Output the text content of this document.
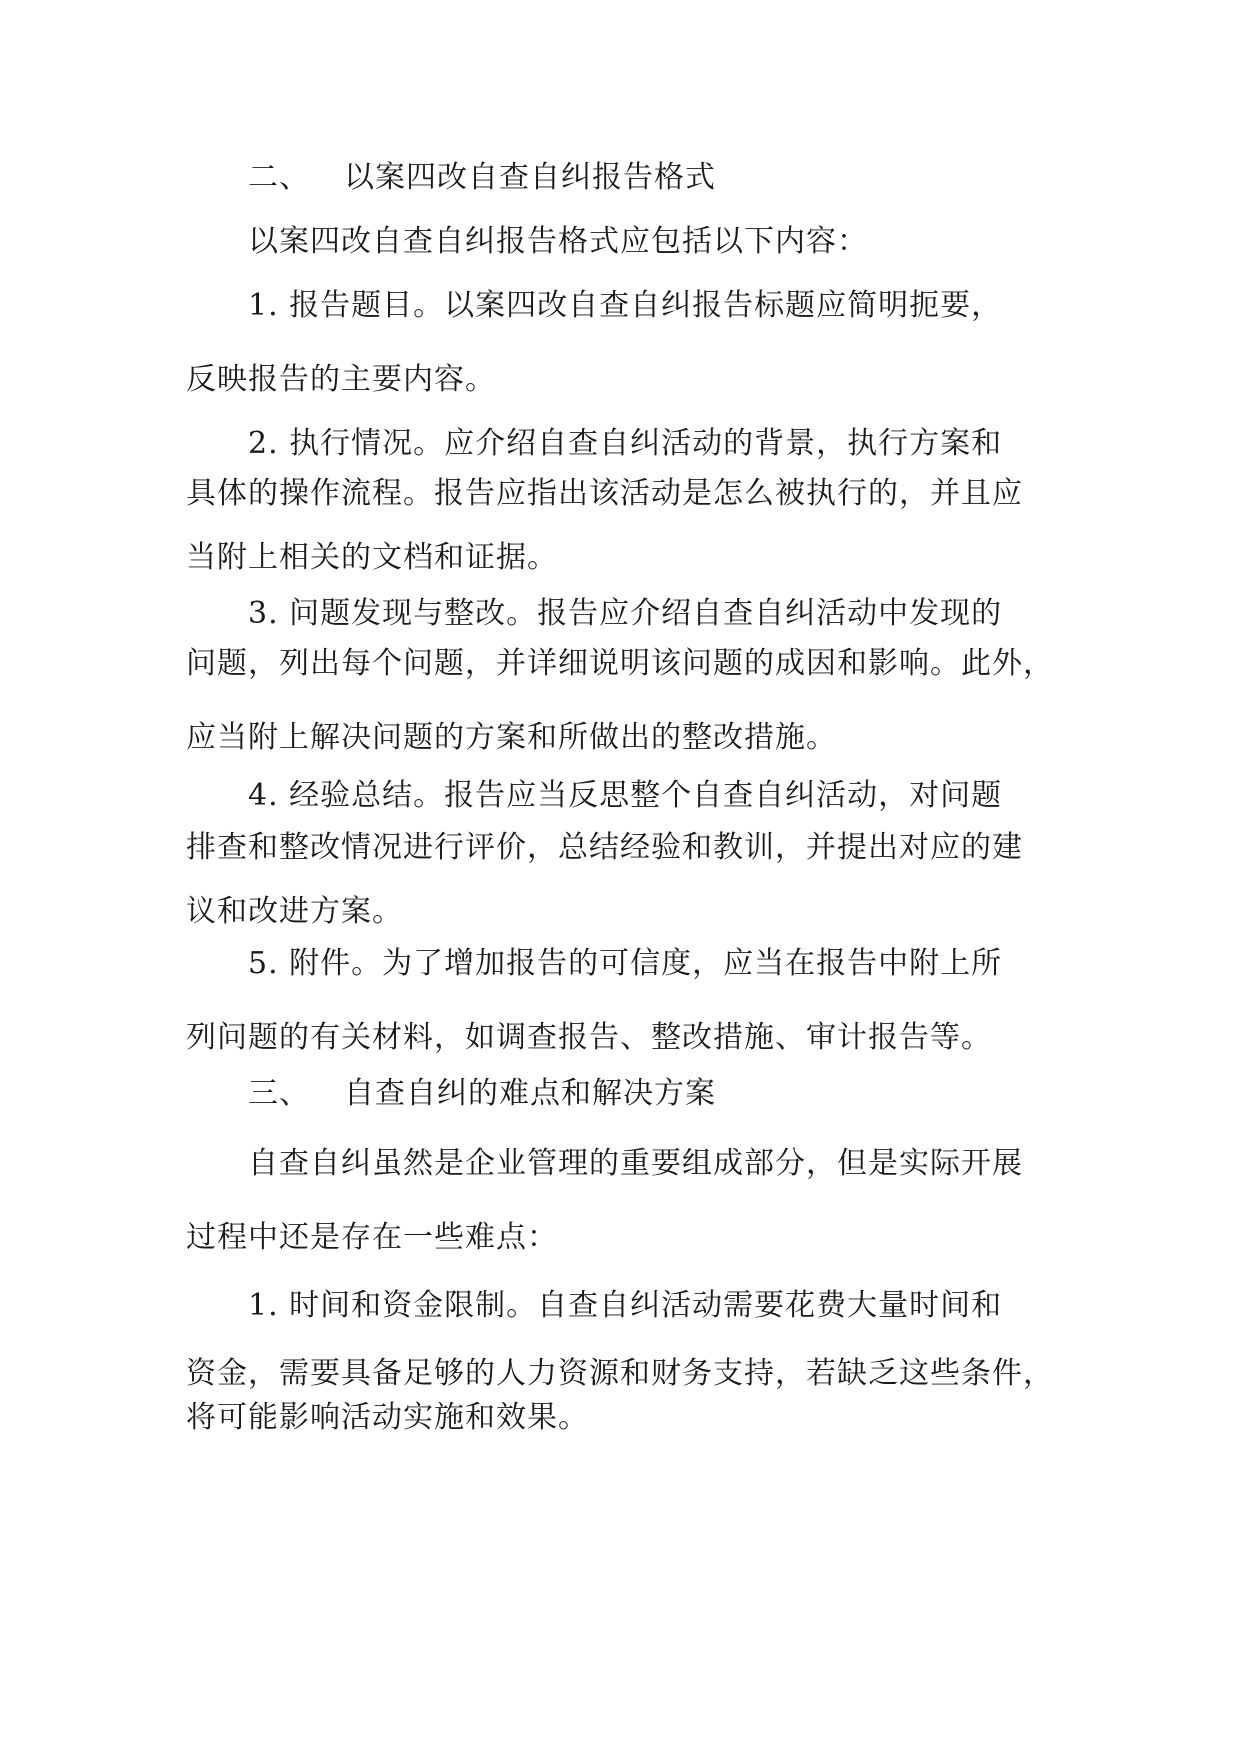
二、 以案四改自查自纠报告格式
以案四改自查自纠报告格式应包括以下内容：
1. 报告题目。以案四改自查自纠报告标题应简明扼要，
反映报告的主要内容。
2. 执行情况。应介绍自查自纠活动的背景，执行方案和
具体的操作流程。报告应指出该活动是怎么被执行的，并且应
当附上相关的文档和证据。
3. 问题发现与整改。报告应介绍自查自纠活动中发现的
问题，列出每个问题，并详细说明该问题的成因和影响。此外，
应当附上解决问题的方案和所做出的整改措施。
4. 经验总结。报告应当反思整个自查自纠活动，对问题
排查和整改情况进行评价，总结经验和教训，并提出对应的建
议和改进方案。
5. 附件。为了增加报告的可信度，应当在报告中附上所
列问题的有关材料，如调查报告、整改措施、审计报告等。
三、 自查自纠的难点和解决方案
自查自纠虽然是企业管理的重要组成部分，但是实际开展
过程中还是存在一些难点：
1. 时间和资金限制。自查自纠活动需要花费大量时间和
资金，需要具备足够的人力资源和财务支持，若缺乏这些条件，
将可能影响活动实施和效果。
